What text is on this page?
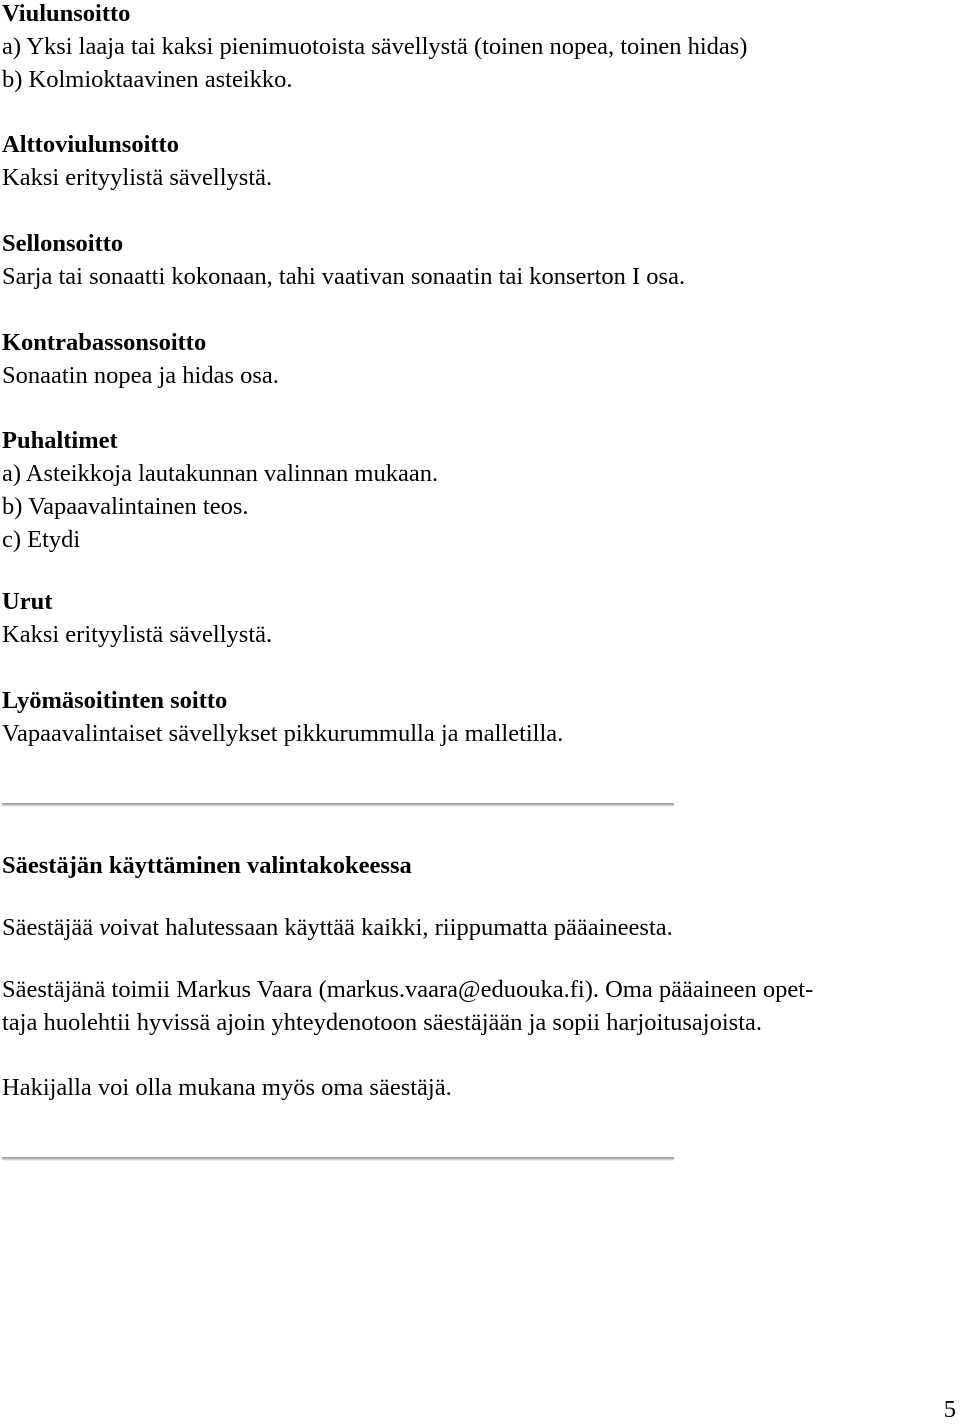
Viulunsoitto

a) Yksi laaja tai kaksi pienimuotoista sävellystä (toinen nopea, toinen hidas)

b) Kolmioktaavinen asteikko.

Alttoviulunsoitto

Kaksi erityylistä sävellystä.

Sellonsoitto

Sarja tai sonaatti kokonaan, tahi vaativan sonaatin tai konserton I osa.

Kontrabassonsoitto

Sonaatin nopea ja hidas osa.

Puhaltimet

a) Asteikkoja lautakunnan valinnan mukaan.

b) Vapaavalintainen teos.

c) Etydi

Urut

Kaksi erityylistä sävellystä.

Lyömäsoitinten soitto

Vapaavalintaiset sävellykset pikkurummulla ja malletilla.

Säestäjän käyttäminen valintakokeessa

Säestäjää voivat halutessaan käyttää kaikki, riippumatta pääaineesta.

Säestäjänä toimii Markus Vaara (markus.vaara@eduouka.fi). Oma pääaineen opet-

taja huolehtii hyvissä ajoin yhteydenotoon säestäjään ja sopii harjoitusajoista.

Hakijalla voi olla mukana myös oma säestäjä.

5
